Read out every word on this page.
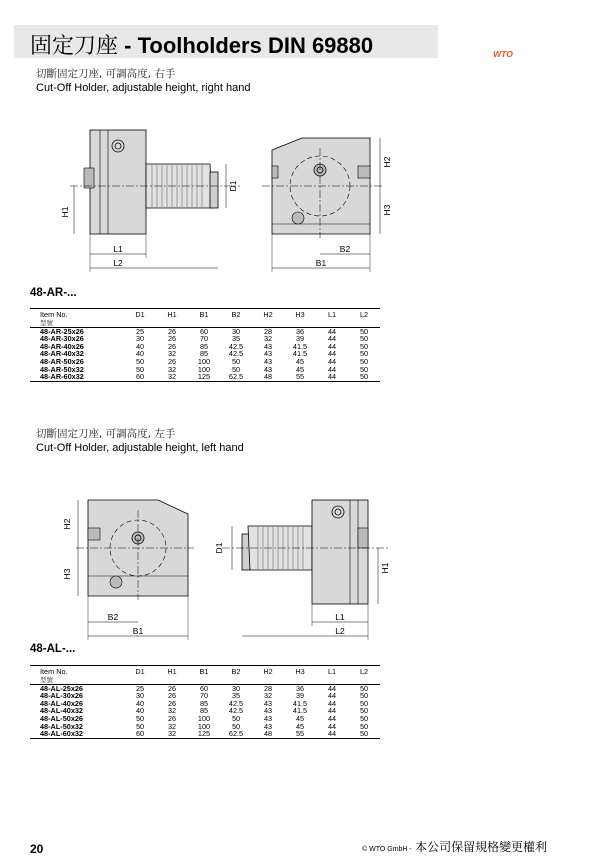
固定刀座 - Toolholders DIN 69880	WTO
切斷固定刀座, 可調高度, 右手
Cut-Off Holder, adjustable height, right hand
H1
D1
L1
L2
H2
H3
B2
B1
48-AR-...
Item No.
型號	D1	H1	B1	B2	H2	H3	L1	L2
48-AR-25x26	25	26	60	30	28	36	44	50
48-AR-30x26	30	26	70	35	32	39	44	50
48-AR-40x26	40	26	85	42.5	43	41.5	44	50
48-AR-40x32	40	32	85	42.5	43	41.5	44	50
48-AR-50x26	50	26	100	50	43	45	44	50
48-AR-50x32	50	32	100	50	43	45	44	50
48-AR-60x32	60	32	125	62.5	48	55	44	50
切斷固定刀座, 可調高度, 左手
Cut-Off Holder, adjustable height, left hand
H2
H3
B2
B1
D1
H1
L1
L2
48-AL-...
Item No.
型號	D1	H1	B1	B2	H2	H3	L1	L2
48-AL-25x26	25	26	60	30	28	36	44	50
48-AL-30x26	30	26	70	35	32	39	44	50
48-AL-40x26	40	26	85	42.5	43	41.5	44	50
48-AL-40x32	40	32	85	42.5	43	41.5	44	50
48-AL-50x26	50	26	100	50	43	45	44	50
48-AL-50x32	50	32	100	50	43	45	44	50
48-AL-60x32	60	32	125	62.5	48	55	44	50
20	© WTO GmbH - 本公司保留規格變更權利
